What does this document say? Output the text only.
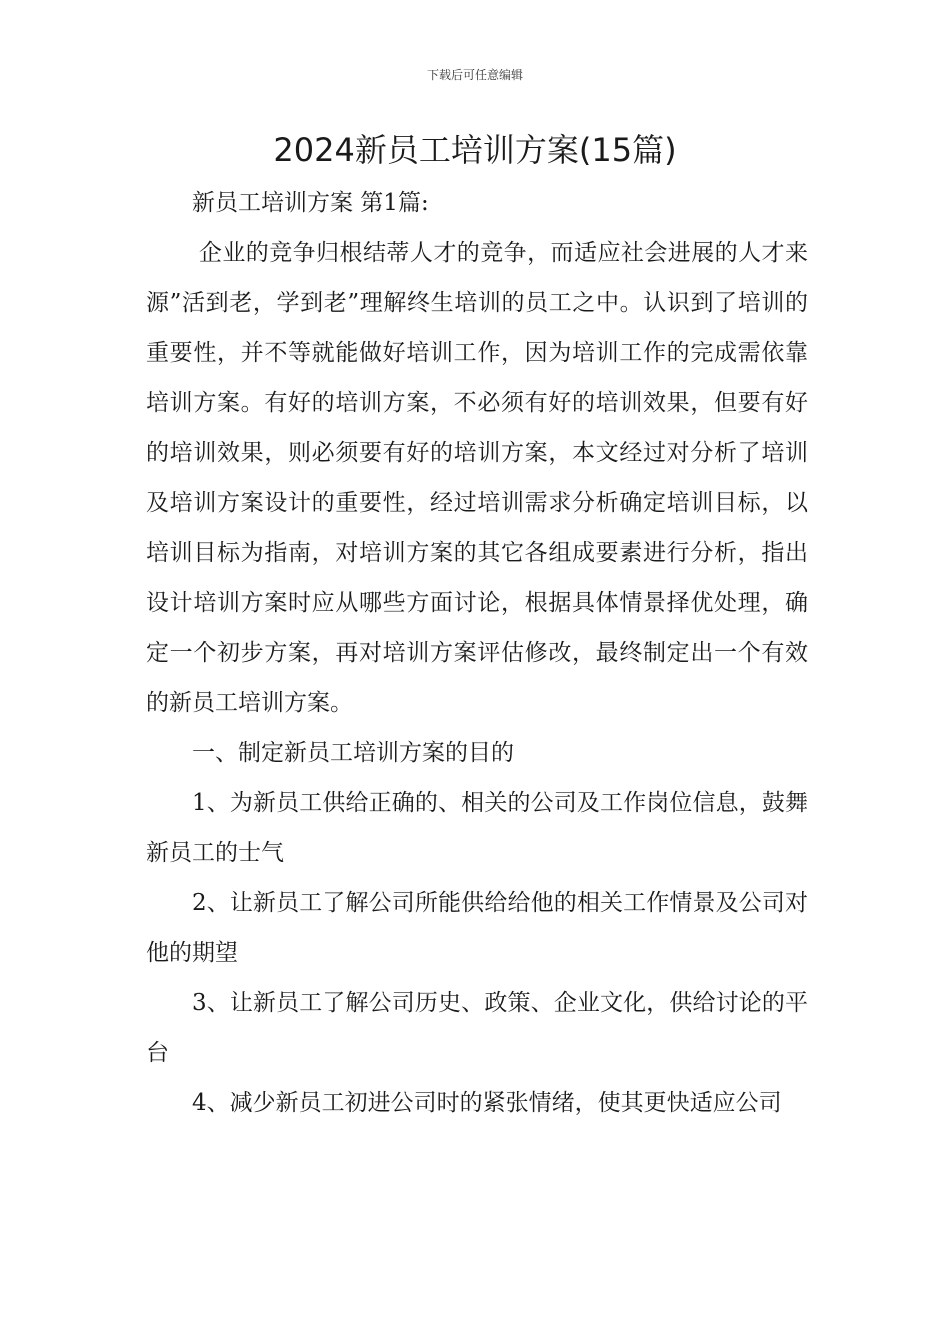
下载后可任意编辑
2024新员工培训方案(15篇)

新员工培训方案 第1篇:

企业的竞争归根结蒂人才的竞争，而适应社会进展的人才来源”活到老，学到老”理解终生培训的员工之中。认识到了培训的重要性，并不等就能做好培训工作，因为培训工作的完成需依靠培训方案。有好的培训方案，不必须有好的培训效果，但要有好的培训效果，则必须要有好的培训方案，本文经过对分析了培训及培训方案设计的重要性，经过培训需求分析确定培训目标，以培训目标为指南，对培训方案的其它各组成要素进行分析，指出设计培训方案时应从哪些方面讨论，根据具体情景择优处理，确定一个初步方案，再对培训方案评估修改，最终制定出一个有效的新员工培训方案。

一、制定新员工培训方案的目的

1、为新员工供给正确的、相关的公司及工作岗位信息，鼓舞新员工的士气

2、让新员工了解公司所能供给给他的相关工作情景及公司对他的期望

3、让新员工了解公司历史、政策、企业文化，供给讨论的平台

4、减少新员工初进公司时的紧张情绪，使其更快适应公司
